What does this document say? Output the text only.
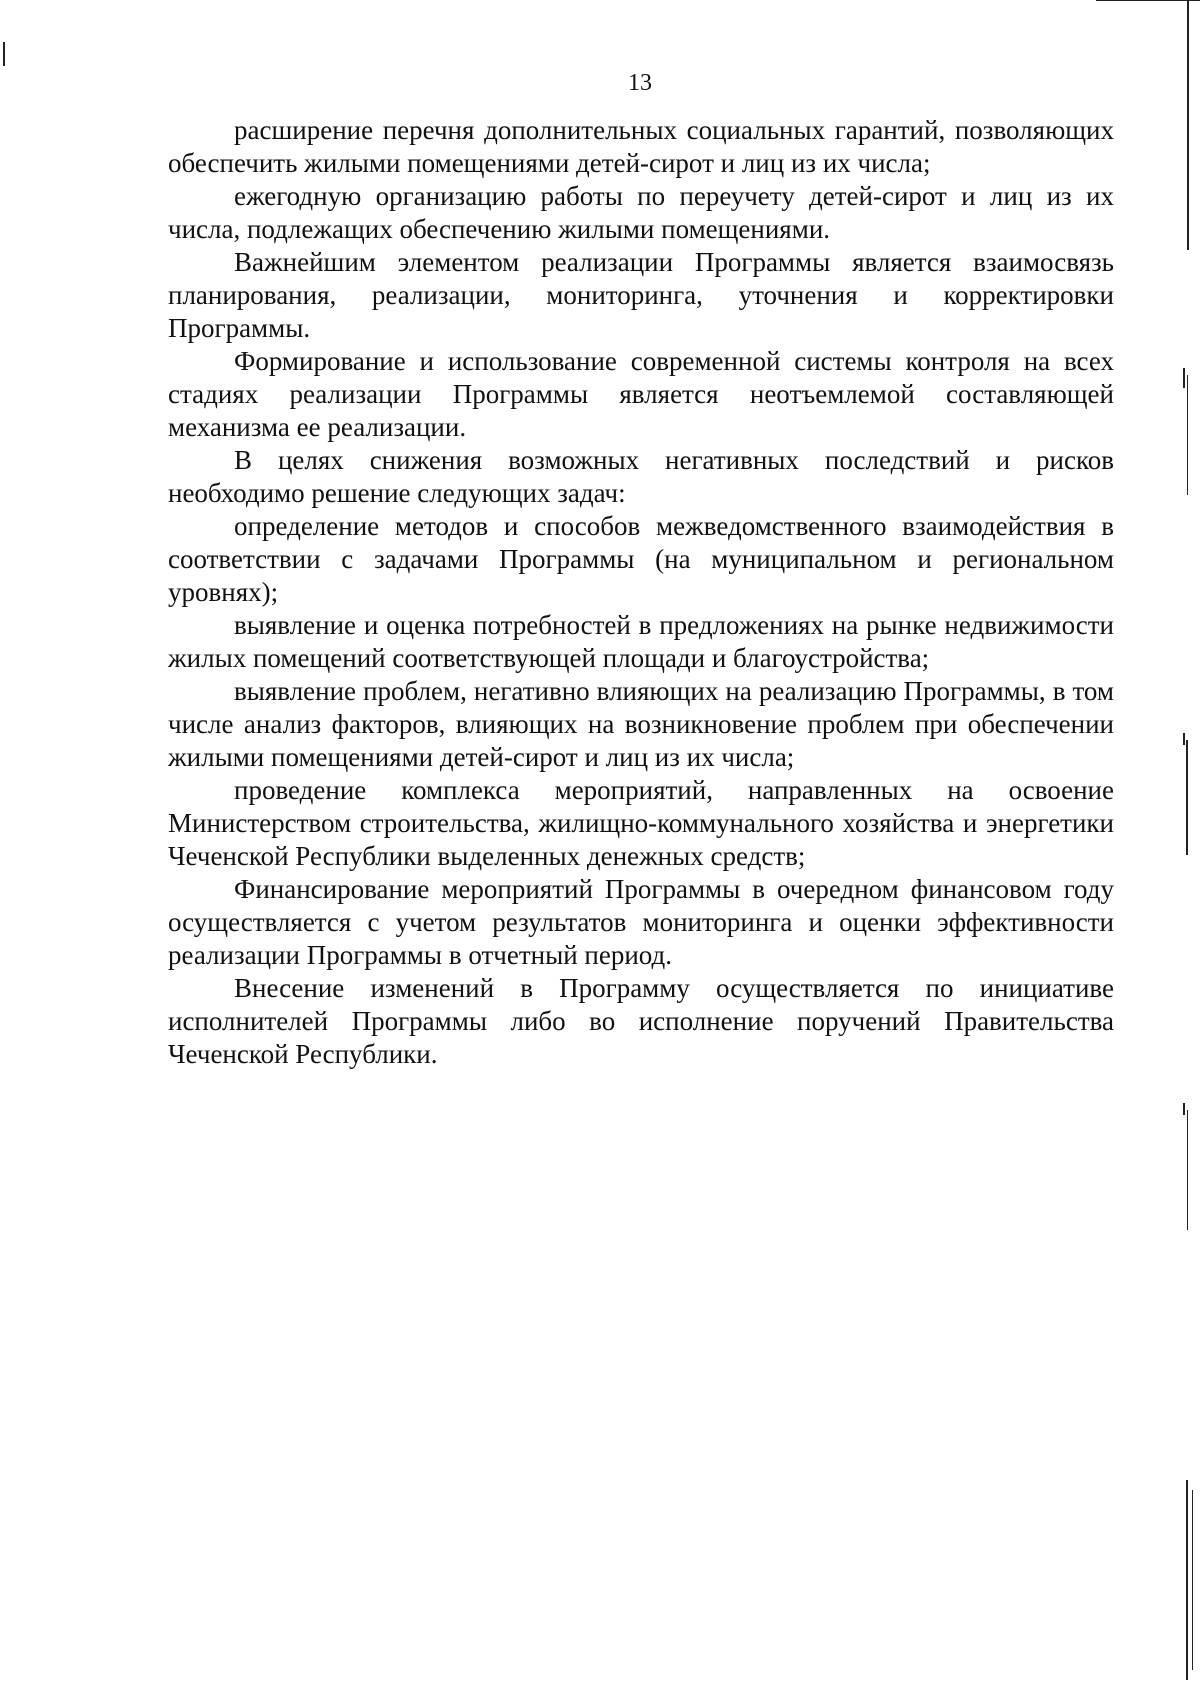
13

расширение перечня дополнительных социальных гарантий, позволяющих обеспечить жилыми помещениями детей-сирот и лиц из их числа;

ежегодную организацию работы по переучету детей-сирот и лиц из их числа, подлежащих обеспечению жилыми помещениями.

Важнейшим элементом реализации Программы является взаимосвязь планирования, реализации, мониторинга, уточнения и корректировки Программы.

Формирование и использование современной системы контроля на всех стадиях реализации Программы является неотъемлемой составляющей механизма ее реализации.

В целях снижения возможных негативных последствий и рисков необходимо решение следующих задач:

определение методов и способов межведомственного взаимодействия в соответствии с задачами Программы (на муниципальном и региональном уровнях);

выявление и оценка потребностей в предложениях на рынке недвижимости жилых помещений соответствующей площади и благоустройства;

выявление проблем, негативно влияющих на реализацию Программы, в том числе анализ факторов, влияющих на возникновение проблем при обеспечении жилыми помещениями детей-сирот и лиц из их числа;

проведение комплекса мероприятий, направленных на освоение Министерством строительства, жилищно-коммунального хозяйства и энергетики Чеченской Республики выделенных денежных средств;

Финансирование мероприятий Программы в очередном финансовом году осуществляется с учетом результатов мониторинга и оценки эффективности реализации Программы в отчетный период.

Внесение изменений в Программу осуществляется по инициативе исполнителей Программы либо во исполнение поручений Правительства Чеченской Республики.
